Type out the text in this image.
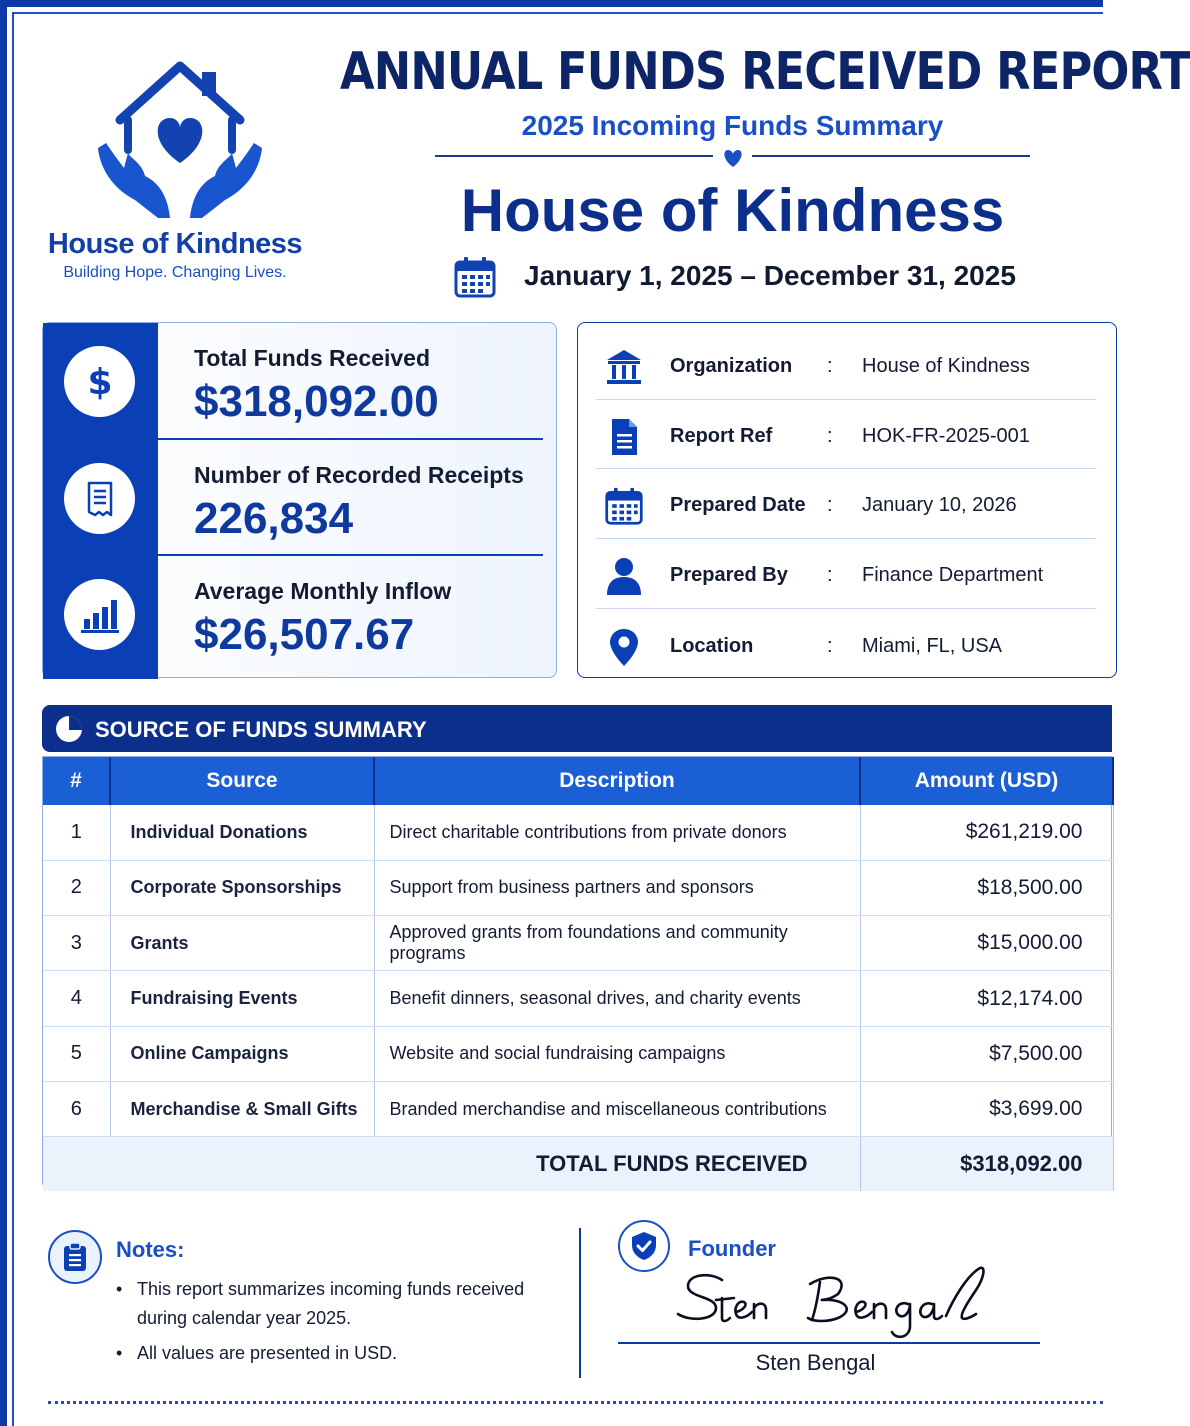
House of Kindness
Building Hope. Changing Lives.
ANNUAL FUNDS RECEIVED REPORT
2025 Incoming Funds Summary
House of Kindness
January 1, 2025 – December 31, 2025
$
Total Funds Received
$318,092.00
Number of Recorded Receipts
226,834
Average Monthly Inflow
$26,507.67
Organization : House of Kindness
Report Ref	: HOK-FR-2025-001
Prepared Date : January 10, 2026
Prepared By : Finance Department
Location	: Miami, FL, USA
SOURCE OF FUNDS SUMMARY
#	Source	Description	Amount (USD)
1	Individual Donations	Direct charitable contributions from private donors	$261,219.00
2	Corporate Sponsorships	Support from business partners and sponsors	$18,500.00
3	Grants	Approved grants from foundations and community programs	$15,000.00
4	Fundraising Events	Benefit dinners, seasonal drives, and charity events	$12,174.00
5	Online Campaigns	Website and social fundraising campaigns	$7,500.00
6	Merchandise & Small Gifts	Branded merchandise and miscellaneous contributions	$3,699.00
TOTAL FUNDS RECEIVED			$318,092.00
Notes:
• This report summarizes incoming funds received during calendar year 2025.
• All values are presented in USD.
Founder
Sten Bengal
